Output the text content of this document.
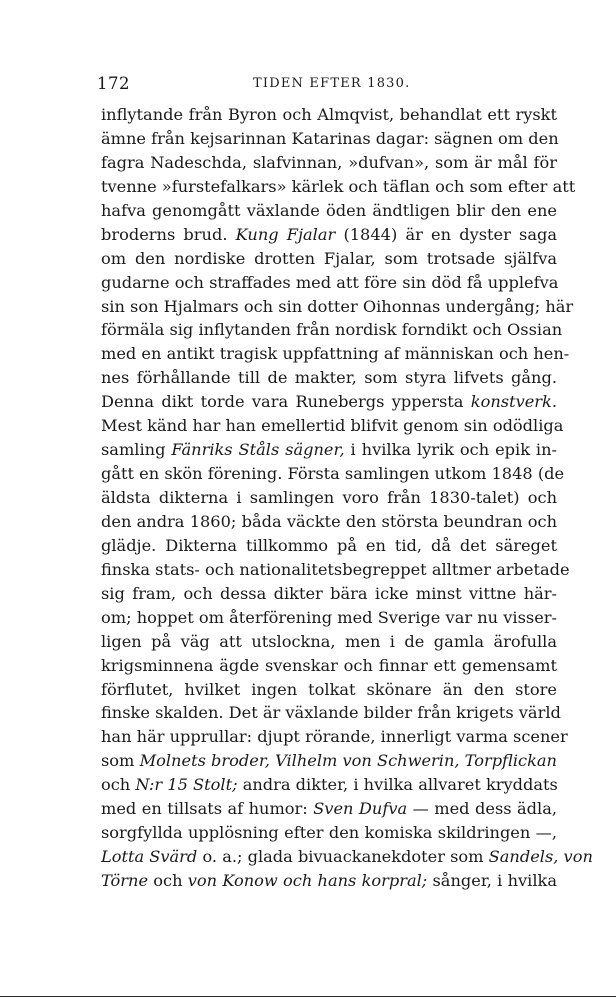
172	TIDEN EFTER 1830.
inflytande från Byron och Almqvist, behandlat ett ryskt
ämne från kejsarinnan Katarinas dagar: sägnen om den
fagra Nadeschda, slafvinnan, »dufvan», som är mål för
tvenne »furstefalkars» kärlek och täflan och som efter att
hafva genomgått växlande öden ändtligen blir den ene
broderns brud. Kung Fjalar (1844) är en dyster saga
om den nordiske drotten Fjalar, som trotsade själfva
gudarne och straffades med att före sin död få upplefva
sin son Hjalmars och sin dotter Oihonnas undergång; här
förmäla sig inflytanden från nordisk forndikt och Ossian
med en antikt tragisk uppfattning af människan och hen-
nes förhållande till de makter, som styra lifvets gång.
Denna dikt torde vara Runebergs yppersta konstverk.
Mest känd har han emellertid blifvit genom sin odödliga
samling Fänriks Ståls sägner, i hvilka lyrik och epik in-
gått en skön förening. Första samlingen utkom 1848 (de
äldsta dikterna i samlingen voro från 1830-talet) och
den andra 1860; båda väckte den största beundran och
glädje. Dikterna tillkommo på en tid, då det säreget
finska stats- och nationalitetsbegreppet alltmer arbetade
sig fram, och dessa dikter bära icke minst vittne här-
om; hoppet om återförening med Sverige var nu visser-
ligen på väg att utslockna, men i de gamla ärofulla
krigsminnena ägde svenskar och finnar ett gemensamt
förflutet, hvilket ingen tolkat skönare än den store
finske skalden. Det är växlande bilder från krigets värld
han här upprullar: djupt rörande, innerligt varma scener
som Molnets broder, Vilhelm von Schwerin, Torpflickan
och N:r 15 Stolt; andra dikter, i hvilka allvaret kryddats
med en tillsats af humor: Sven Dufva — med dess ädla,
sorgfyllda upplösning efter den komiska skildringen —,
Lotta Svärd o. a.; glada bivuackanekdoter som Sandels, von
Törne och von Konow och hans korpral; sånger, i hvilka
